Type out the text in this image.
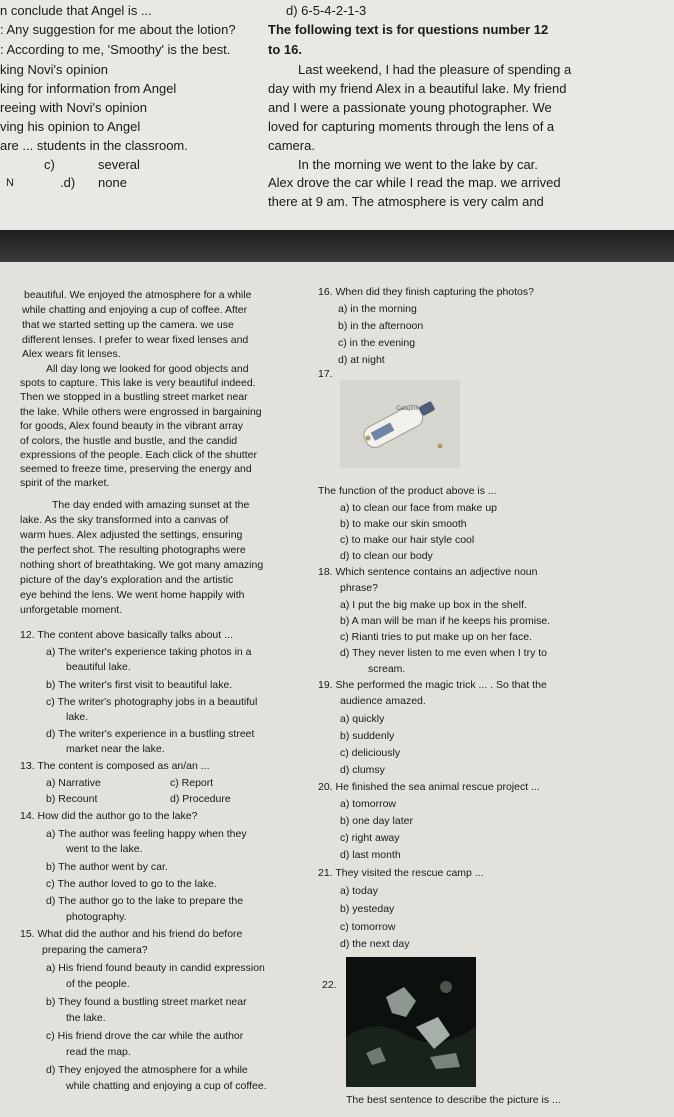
n conclude that Angel is ...
: Any suggestion for me about the lotion?
: According to me, 'Smoothy' is the best.
king Novi's opinion
king for information from Angel
reeing with Novi's opinion
ving his opinion to Angel
are ... students in the classroom.
c)	several
N	.d) none
d) 6-5-4-2-1-3
The following text is for questions number 12
to 16.
Last weekend, I had the pleasure of spending a
day with my friend Alex in a beautiful lake. My friend
and I were a passionate young photographer. We
loved for capturing moments through the lens of a
camera.
In the morning we went to the lake by car.
Alex drove the car while I read the map. we arrived
there at 9 am. The atmosphere is very calm and
beautiful. We enjoyed the atmosphere for a while
while chatting and enjoying a cup of coffee. After
that we started setting up the camera. we use
different lenses. I prefer to wear fixed lenses and
Alex wears fit lenses.
All day long we looked for good objects and
spots to capture. This lake is very beautiful indeed.
Then we stopped in a bustling street market near
the lake. While others were engrossed in bargaining
for goods, Alex found beauty in the vibrant array
of colors, the hustle and bustle, and the candid
expressions of the people. Each click of the shutter
seemed to freeze time, preserving the energy and
spirit of the market.
The day ended with amazing sunset at the
lake. As the sky transformed into a canvas of
warm hues. Alex adjusted the settings, ensuring
the perfect shot. The resulting photographs were
nothing short of breathtaking. We got many amazing
picture of the day's exploration and the artistic
eye behind the lens. We went home happily with
unforgetable moment.
12. The content above basically talks about ...
a) The writer's experience taking photos in a
beautiful lake.
b) The writer's first visit to beautiful lake.
c) The writer's photography jobs in a beautiful
lake.
d) The writer's experience in a bustling street
market near the lake.
13. The content is composed as an/an ...
a) Narrative	c) Report
b) Recount	d) Procedure
14. How did the author go to the lake?
a) The author was feeling happy when they
went to the lake.
b) The author went by car.
c) The author loved to go to the lake.
d) The author go to the lake to prepare the
photography.
15. What did the author and his friend do before
preparing the camera?
a) His friend found beauty in candid expression
of the people.
b) They found a bustling street market near
the lake.
c) His friend drove the car while the author
read the map.
d) They enjoyed the atmosphere for a while
while chatting and enjoying a cup of coffee.
16. When did they finish capturing the photos?
a) in the morning
b) in the afternoon
c) in the evening
d) at night
17.
Cetaphil
The function of the product above is ...
a) to clean our face from make up
b) to make our skin smooth
c) to make our hair style cool
d) to clean our body
18. Which sentence contains an adjective noun
phrase?
a) I put the big make up box in the shelf.
b) A man will be man if he keeps his promise.
c) Rianti tries to put make up on her face.
d) They never listen to me even when I try to
scream.
19. She performed the magic trick ... . So that the
audience amazed.
a) quickly
b) suddenly
c) deliciously
d) clumsy
20. He finished the sea animal rescue project ...
a) tomorrow
b) one day later
c) right away
d) last month
21. They visited the rescue camp ...
a) today
b) yesteday
c) tomorrow
d) the next day
22.
The best sentence to describe the picture is ...
